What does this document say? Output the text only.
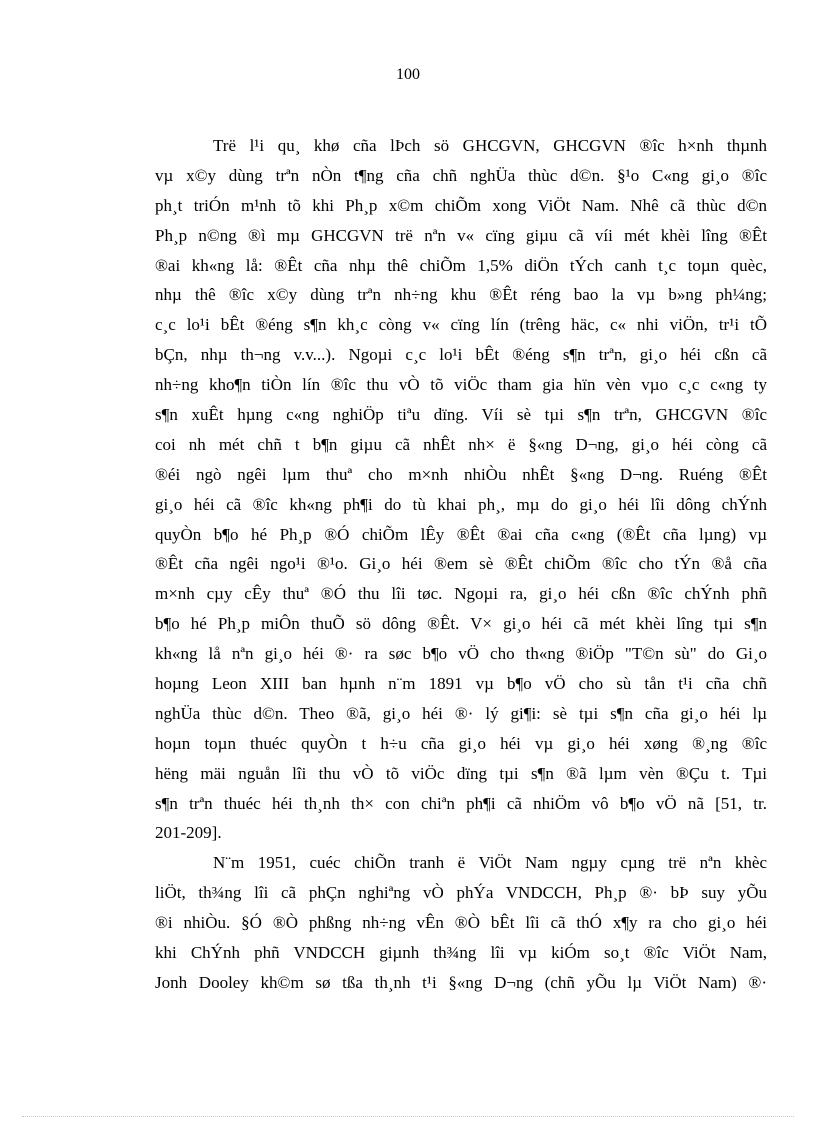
100
Trë l¹i qu¸ khø cña lÞch sö GHCGVN, GHCGVN ®îc h×nh thµnh
vµ x©y dùng trªn nÒn t¶ng cña chñ nghÜa thùc d©n. §¹o C«ng gi¸o ®îc
ph¸t triÓn m¹nh tõ khi Ph¸p x©m chiÕm xong ViÖt Nam. Nhê cã thùc d©n
Ph¸p n©ng ®ì mµ GHCGVN trë nªn v« cïng giµu cã víi mét khèi lîng ®Êt
®ai kh«ng lå: ®Êt cña nhµ thê chiÕm 1,5% diÖn tÝch canh t¸c toµn quèc,
nhµ thê ®îc x©y dùng trªn nh÷ng khu ®Êt réng bao la vµ b»ng ph¼ng;
c¸c lo¹i bÊt ®éng s¶n kh¸c còng v« cïng lín (trêng häc, c« nhi viÖn, tr¹i tÕ
bÇn, nhµ th¬ng v.v...). Ngoµi c¸c lo¹i bÊt ®éng s¶n trªn, gi¸o héi cßn cã
nh÷ng kho¶n tiÒn lín ®îc thu vÒ tõ viÖc tham gia hïn vèn vµo c¸c c«ng ty
s¶n xuÊt hµng c«ng nghiÖp tiªu dïng. Víi sè tµi s¶n trªn, GHCGVN ®îc
coi nh mét chñ t b¶n giµu cã nhÊt nh× ë §«ng D¬ng, gi¸o héi còng cã
®éi ngò ngêi lµm thuª cho m×nh nhiÒu nhÊt §«ng D¬ng. Ruéng ®Êt
gi¸o héi cã ®îc kh«ng ph¶i do tù khai ph¸, mµ do gi¸o héi lîi dông chÝnh
quyÒn b¶o hé Ph¸p ®Ó chiÕm lÊy ®Êt ®ai cña c«ng (®Êt cña lµng) vµ
®Êt cña ngêi ngo¹i ®¹o. Gi¸o héi ®em sè ®Êt chiÕm ®îc cho tÝn ®å cña
m×nh cµy cÊy thuª ®Ó thu lîi tøc. Ngoµi ra, gi¸o héi cßn ®îc chÝnh phñ
b¶o hé Ph¸p miÔn thuÕ sö dông ®Êt. V× gi¸o héi cã mét khèi lîng tµi s¶n
kh«ng lå nªn gi¸o héi ®· ra søc b¶o vÖ cho th«ng ®iÖp "T©n sù" do Gi¸o
hoµng Leon XIII ban hµnh n¨m 1891 vµ b¶o vÖ cho sù tån t¹i cña chñ
nghÜa thùc d©n. Theo ®ã, gi¸o héi ®· lý gi¶i: sè tµi s¶n cña gi¸o héi lµ
hoµn toµn thuéc quyÒn t h÷u cña gi¸o héi vµ gi¸o héi xøng ®¸ng ®îc
hëng mäi nguån lîi thu vÒ tõ viÖc dïng tµi s¶n ®ã lµm vèn ®Çu t. Tµi
s¶n trªn thuéc héi th¸nh th× con chiªn ph¶i cã nhiÖm vô b¶o vÖ nã [51, tr.
201-209].
N¨m 1951, cuéc chiÕn tranh ë ViÖt Nam ngµy cµng trë nªn khèc
liÖt, th¾ng lîi cã phÇn nghiªng vÒ phÝa VNDCCH, Ph¸p ®· bÞ suy yÕu
®i nhiÒu. §Ó ®Ò phßng nh÷ng vÊn ®Ò bÊt lîi cã thÓ x¶y ra cho gi¸o héi
khi ChÝnh phñ VNDCCH giµnh th¾ng lîi vµ kiÓm so¸t ®îc ViÖt Nam,
Jonh Dooley kh©m sø tßa th¸nh t¹i §«ng D¬ng (chñ yÕu lµ ViÖt Nam) ®·
